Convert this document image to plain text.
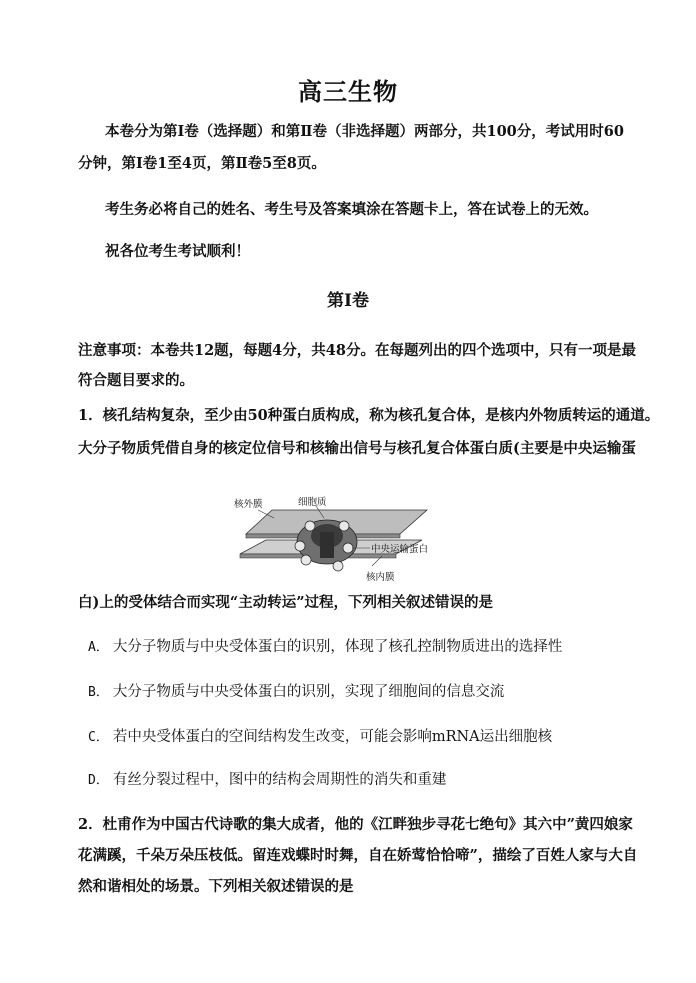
高三生物
本卷分为第Ⅰ卷（选择题）和第Ⅱ卷（非选择题）两部分，共100分，考试用时60
分钟，第Ⅰ卷1至4页，第Ⅱ卷5至8页。
考生务必将自己的姓名、考生号及答案填涂在答题卡上，答在试卷上的无效。
祝各位考生考试顺利！
第Ⅰ卷
注意事项：本卷共12题，每题4分，共48分。在每题列出的四个选项中，只有一项是最
符合题目要求的。
1．核孔结构复杂，至少由50种蛋白质构成，称为核孔复合体，是核内外物质转运的通道。
大分子物质凭借自身的核定位信号和核输出信号与核孔复合体蛋白质(主要是中央运输蛋
核外膜	细胞质
中央运输蛋白
核内膜
白)上的受体结合而实现“主动转运”过程，下列相关叙述错误的是
A． 大分子物质与中央受体蛋白的识别，体现了核孔控制物质进出的选择性
B． 大分子物质与中央受体蛋白的识别，实现了细胞间的信息交流
C． 若中央受体蛋白的空间结构发生改变，可能会影响mRNA运出细胞核
D． 有丝分裂过程中，图中的结构会周期性的消失和重建
2．杜甫作为中国古代诗歌的集大成者，他的《江畔独步寻花七绝句》其六中”黄四娘家
花满蹊，千朵万朵压枝低。留连戏蝶时时舞，自在娇莺恰恰啼”，描绘了百姓人家与大自
然和谐相处的场景。下列相关叙述错误的是
